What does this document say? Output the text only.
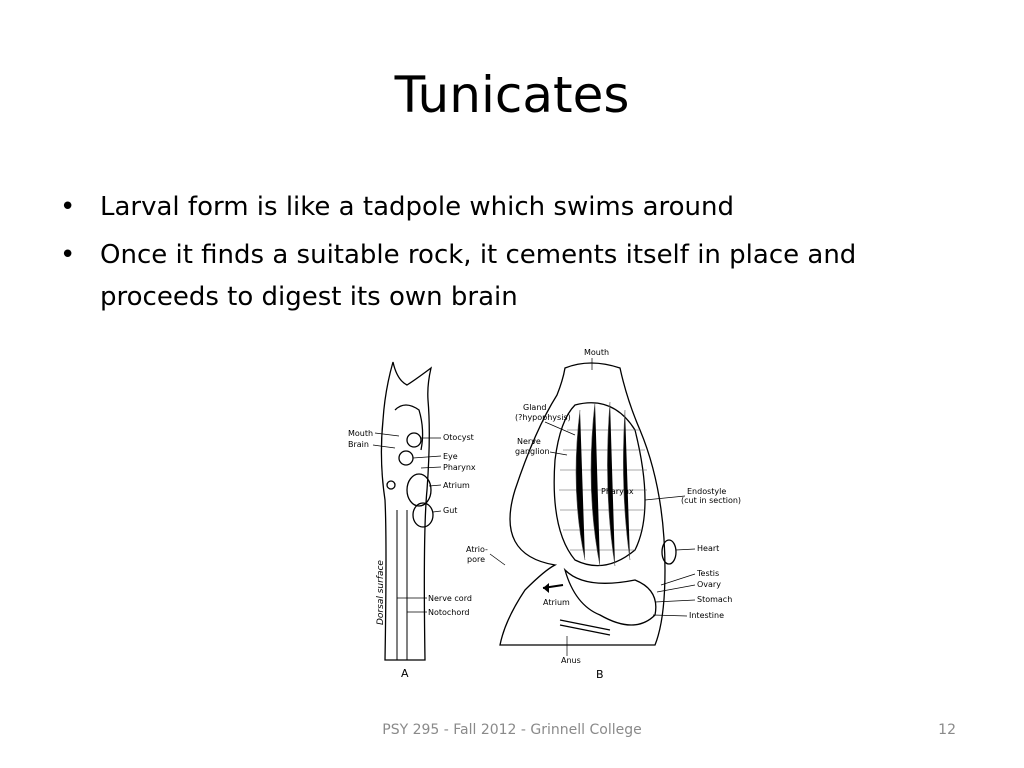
Tunicates
• Larval form is like a tadpole which swims around
• Once it finds a suitable rock, it cements itself in place and proceeds to digest its own brain
Dorsal surface
Mouth
Brain
Otocyst
Eye
Pharynx
Atrium
Gut
Nerve cord
Notochord
A
Mouth
Gland
(?hypophysis)
Nerve
ganglion
Pharynx	Endostyle
(cut in section)
Atrio-
pore
Heart
Testis
Ovary
Stomach
Atrium
Intestine
Anus
B
PSY 295 - Fall 2012 - Grinnell College	12
